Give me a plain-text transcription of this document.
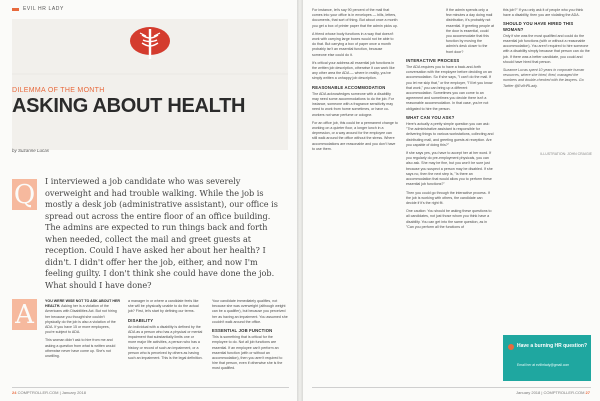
EVIL HR LADY
DILEMMA OF THE MONTH
ASKING ABOUT HEALTH
by Suzanne Lucas
ILLUSTRATION: JOHN CRAIGIE
Q I interviewed a job candidate who was severely overweight and had trouble walking. While the job is mostly a desk job (administrative assistant), our office is spread out across the entire floor of an office building. The admins are expected to run things back and forth when needed, collect the mail and greet guests at reception. Could I have asked her about her health? I didn't. I didn't offer her the job, either, and now I'm feeling guilty. I don't think she could have done the job. What should I have done?
A	YOU WERE WISE NOT TO ASK ABOUT HER HEALTH. Asking her is a violation of the Americans with Disabilities Act. But not hiring her because you thought she couldn't physically do the job is also a violation of the ADA. If you have 15 or more employees, you're subject to ADA.

This woman didn't ask to hire from me and asking a question from what is written would otherwise never have come up. She's not unwilling.

a manager in or where a candidate feels like she will be physically unable to do the actual job? First, let's start by defining our terms.

DISABILITY

An individual with a disability is defined by the ADA as a person who has a physical or mental impairment that substantially limits one or more major life activities, a person who has a history or record of such an impairment, or a person who is perceived by others as having such an impairment. This is the legal definition.

Your candidate immediately qualifies, not because she was overweight (although weight can be a qualifier), but because you perceived her as having an impairment. You assumed she couldn't walk around the office.

ESSENTIAL JOB FUNCTION

This is something that is critical for the employee to do. Not all job functions are essential. If an employee can't perform an essential function (with or without an accommodation), then you aren't required to hire that person, even if otherwise she is the most qualified.

For instance, let's say 90 percent of the mail that comes into your office is in envelopes — bills, letters, documents, that sort of thing. But about once a month you get a box of printer paper that the admin picks up.

A friend whose body functions in a way that doesn't work with carrying large boxes would not be able to do that. But carrying a box of paper once a month probably isn't an essential function, because someone else could do it.

It's critical your address all essential job functions in the written job description, otherwise it can work like any other area the ADA — where in reality, you've simply written a unhappy job description.

REASONABLE ACCOMMODATION

The ADA acknowledges someone with a disability may need some accommodations to do the job. For instance, someone with a fragrance sensitivity may need to work from home sometimes, or have co-workers not wear perfume or cologne.

For an office job, this could be a permanent change to working on a quieter floor, a longer lunch in a depression, or a way around for the employee can still walk around the office without the stress. Where accommodations are reasonable and you don't have to use them.

If the admin spends only a few minutes a day doing mail distribution, it's probably not essential. If greeting people at the door is essential, could you accommodate that this function by moving the admin's desk closer to the front door?

INTERACTIVE PROCESS

The ADA requires you to have a back-and-forth conversation with the employee before deciding on an accommodation. So if she says, "I can't do the mail. If you let me skip that," or the employer, "I'll let you know that work," you can bring up a different accommodation. Sometimes you can come to an agreement and sometimes you decide there isn't a reasonable accommodation. In that case, you're not obligated to hire the person.

WHAT CAN YOU ASK?

Here's actually a pretty simple question you can ask: "The administrative assistant is responsible for delivering things to various workstations, collecting and distributing mail, and greeting guests at reception. Are you capable of doing this?"

If she says yes, you have to accept her at her word. If you regularly do pre-employment physicals, you can also ask. She may be fine, but you won't be sure just because you suspect a person may be disabled. If she says no, then the next step is, "Is there an accommodation that would allow you to perform these essential job functions?"

Then you could go through the interactive process. If the job is working with others, the candidate can decide if it's the right fit.

One caution: You should be asking these questions to all candidates, not just those whom you think have a disability. You can get into the same question, as in "Can you perform all the functions of

this job?" If you only ask it of people who you think have a disability, then you are violating the ADA.

SHOULD YOU HAVE HIRED THIS WOMAN?

Only if she was the most qualified and could do the essential job functions (with or without a reasonable accommodation). You aren't required to hire someone with a disability simply because that person can do the job. If there was a better candidate, you could and should have hired that person.

Suzanne Lucas spent 10 years in corporate human resources, where she hired, fired, managed the numbers and double-checked with the lawyers. Go Twitter @EvilHRLady.

Have a burning HR question?
Email her at evilhrlady@gmail.com
24 COMPTROLLER.COM | January 2018	January 2018 | COMPTROLLER.COM 27
